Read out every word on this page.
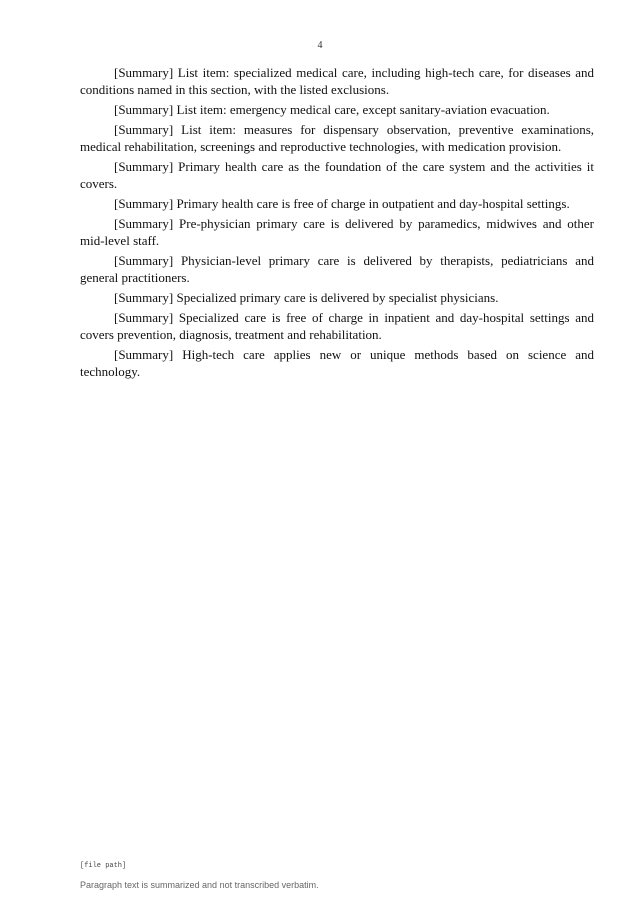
4

[Summary] List item: specialized medical care, including high-tech care, for diseases and conditions named in this section, with the listed exclusions.

[Summary] List item: emergency medical care, except sanitary-aviation evacuation.

[Summary] List item: measures for dispensary observation, preventive examinations, medical rehabilitation, screenings and reproductive technologies, with medication provision.

[Summary] Primary health care as the foundation of the care system and the activities it covers.

[Summary] Primary health care is free of charge in outpatient and day-hospital settings.

[Summary] Pre-physician primary care is delivered by paramedics, midwives and other mid-level staff.

[Summary] Physician-level primary care is delivered by therapists, pediatricians and general practitioners.

[Summary] Specialized primary care is delivered by specialist physicians.

[Summary] Specialized care is free of charge in inpatient and day-hospital settings and covers prevention, diagnosis, treatment and rehabilitation.

[Summary] High-tech care applies new or unique methods based on science and technology.

[file path]
Paragraph text is summarized and not transcribed verbatim.
